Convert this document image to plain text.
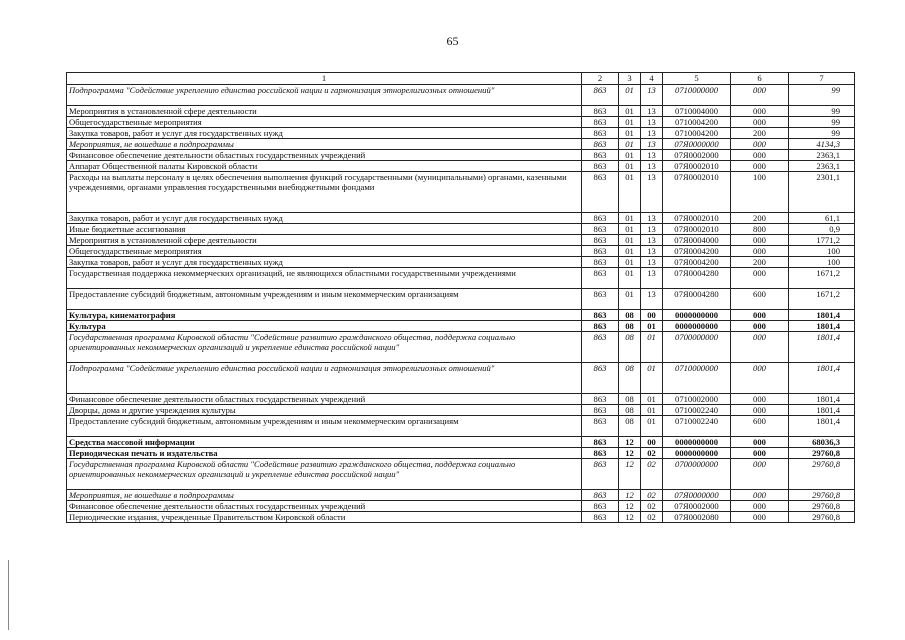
65
1	2	3	4	5	6	7
Подпрограмма "Содействие укреплению единства российской нации и гармонизация этнорелигиозных отношений"	863	01	13	0710000000	000	99
Мероприятия в установленной сфере деятельности	863	01	13	0710004000	000	99
Общегосударственные мероприятия	863	01	13	0710004200	000	99
Закупка товаров, работ и услуг для государственных нужд	863	01	13	0710004200	200	99
Мероприятия, не вошедшие в подпрограммы	863	01	13	07Я0000000	000	4134,3
Финансовое обеспечение деятельности областных государственных учреждений	863	01	13	07Я0002000	000	2363,1
Аппарат Общественной палаты Кировской области	863	01	13	07Я0002010	000	2363,1
Расходы на выплаты персоналу в целях обеспечения выполнения функций государственными (муниципальными) органами, казенными учреждениями, органами управления государственными внебюджетными фондами	863	01	13	07Я0002010	100	2301,1
Закупка товаров, работ и услуг для государственных нужд	863	01	13	07Я0002010	200	61,1
Иные бюджетные ассигнования	863	01	13	07Я0002010	800	0,9
Мероприятия в установленной сфере деятельности	863	01	13	07Я0004000	000	1771,2
Общегосударственные мероприятия	863	01	13	07Я0004200	000	100
Закупка товаров, работ и услуг для государственных нужд	863	01	13	07Я0004200	200	100
Государственная поддержка некоммерческих организаций, не являющихся областными государственными учреждениями	863	01	13	07Я0004280	000	1671,2
Предоставление субсидий бюджетным, автономным учреждениям и иным некоммерческим организациям	863	01	13	07Я0004280	600	1671,2
Культура, кинематография	863	08	00	0000000000	000	1801,4
Культура	863	08	01	0000000000	000	1801,4
Государственная программа Кировской области "Содействие развитию гражданского общества, поддержка социально ориентированных некоммерческих организаций и укрепление единства российской нации"	863	08	01	0700000000	000	1801,4
Подпрограмма "Содействие укреплению единства российской нации и гармонизация этнорелигиозных отношений"	863	08	01	0710000000	000	1801,4
Финансовое обеспечение деятельности областных государственных учреждений	863	08	01	0710002000	000	1801,4
Дворцы, дома и другие учреждения культуры	863	08	01	0710002240	000	1801,4
Предоставление субсидий бюджетным, автономным учреждениям и иным некоммерческим организациям	863	08	01	0710002240	600	1801,4
Средства массовой информации	863	12	00	0000000000	000	68036,3
Периодическая печать и издательства	863	12	02	0000000000	000	29760,8
Государственная программа Кировской области "Содействие развитию гражданского общества, поддержка социально ориентированных некоммерческих организаций и укрепление единства российской нации"	863	12	02	0700000000	000	29760,8
Мероприятия, не вошедшие в подпрограммы	863	12	02	07Я0000000	000	29760,8
Финансовое обеспечение деятельности областных государственных учреждений	863	12	02	07Я0002000	000	29760,8
Периодические издания, учрежденные Правительством Кировской области	863	12	02	07Я0002080	000	29760,8
